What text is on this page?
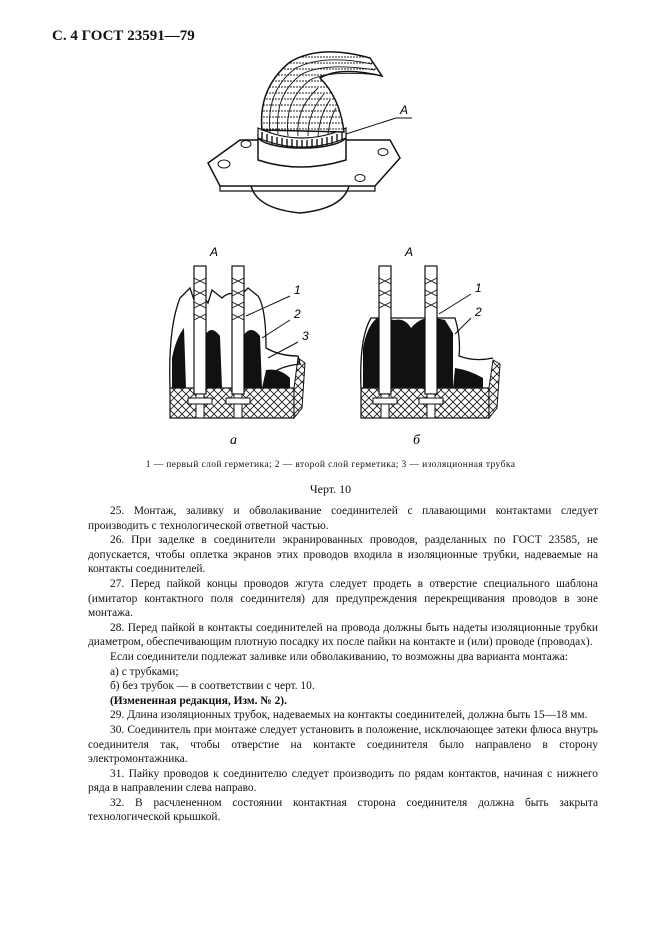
С. 4 ГОСТ 23591—79
А
А
1
2
3
а
А
1
2
б
1 — первый слой герметика; 2 — второй слой герметика; 3 — изоляционная трубка
Черт. 10

25. Монтаж, заливку и обволакивание соединителей с плавающими контактами следует производить с технологической ответной частью.

26. При заделке в соединители экранированных проводов, разделанных по ГОСТ 23585, не допускается, чтобы оплетка экранов этих проводов входила в изоляционные трубки, надеваемые на контакты соединителей.

27. Перед пайкой концы проводов жгута следует продеть в отверстие специального шаблона (имитатор контактного поля соединителя) для предупреждения перекрещивания проводов в зоне монтажа.

28. Перед пайкой в контакты соединителей на провода должны быть надеты изоляционные трубки диаметром, обеспечивающим плотную посадку их после пайки на контакте и (или) проводе (проводах).

Если соединители подлежат заливке или обволакиванию, то возможны два варианта монтажа:

а) с трубками;

б) без трубок — в соответствии с черт. 10.

(Измененная редакция, Изм. № 2).

29. Длина изоляционных трубок, надеваемых на контакты соединителей, должна быть 15—18 мм.

30. Соединитель при монтаже следует установить в положение, исключающее затеки флюса внутрь соединителя так, чтобы отверстие на контакте соединителя было направлено в сторону электромонтажника.

31. Пайку проводов к соединителю следует производить по рядам контактов, начиная с нижнего ряда в направлении слева направо.

32. В расчлененном состоянии контактная сторона соединителя должна быть закрыта технологической крышкой.
